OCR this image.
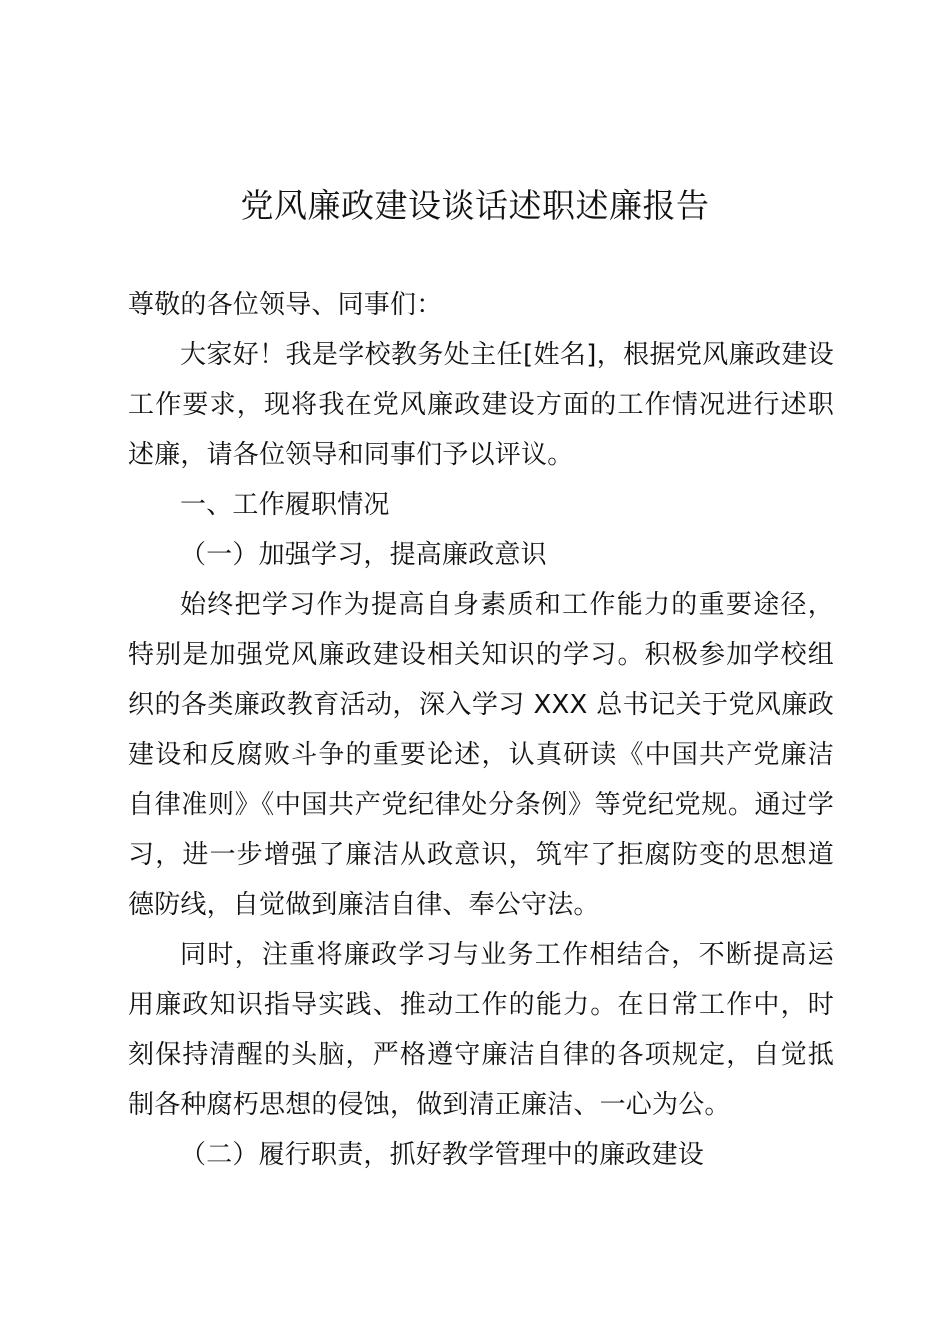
党风廉政建设谈话述职述廉报告

尊敬的各位领导、同事们：

大家好！我是学校教务处主任[姓名]，根据党风廉政建设工作要求，现将我在党风廉政建设方面的工作情况进行述职述廉，请各位领导和同事们予以评议。

一、工作履职情况

（一）加强学习，提高廉政意识

始终把学习作为提高自身素质和工作能力的重要途径，特别是加强党风廉政建设相关知识的学习。积极参加学校组织的各类廉政教育活动，深入学习 XXX 总书记关于党风廉政建设和反腐败斗争的重要论述，认真研读《中国共产党廉洁自律准则》《中国共产党纪律处分条例》等党纪党规。通过学习，进一步增强了廉洁从政意识，筑牢了拒腐防变的思想道德防线，自觉做到廉洁自律、奉公守法。

同时，注重将廉政学习与业务工作相结合，不断提高运用廉政知识指导实践、推动工作的能力。在日常工作中，时刻保持清醒的头脑，严格遵守廉洁自律的各项规定，自觉抵制各种腐朽思想的侵蚀，做到清正廉洁、一心为公。

（二）履行职责，抓好教学管理中的廉政建设
